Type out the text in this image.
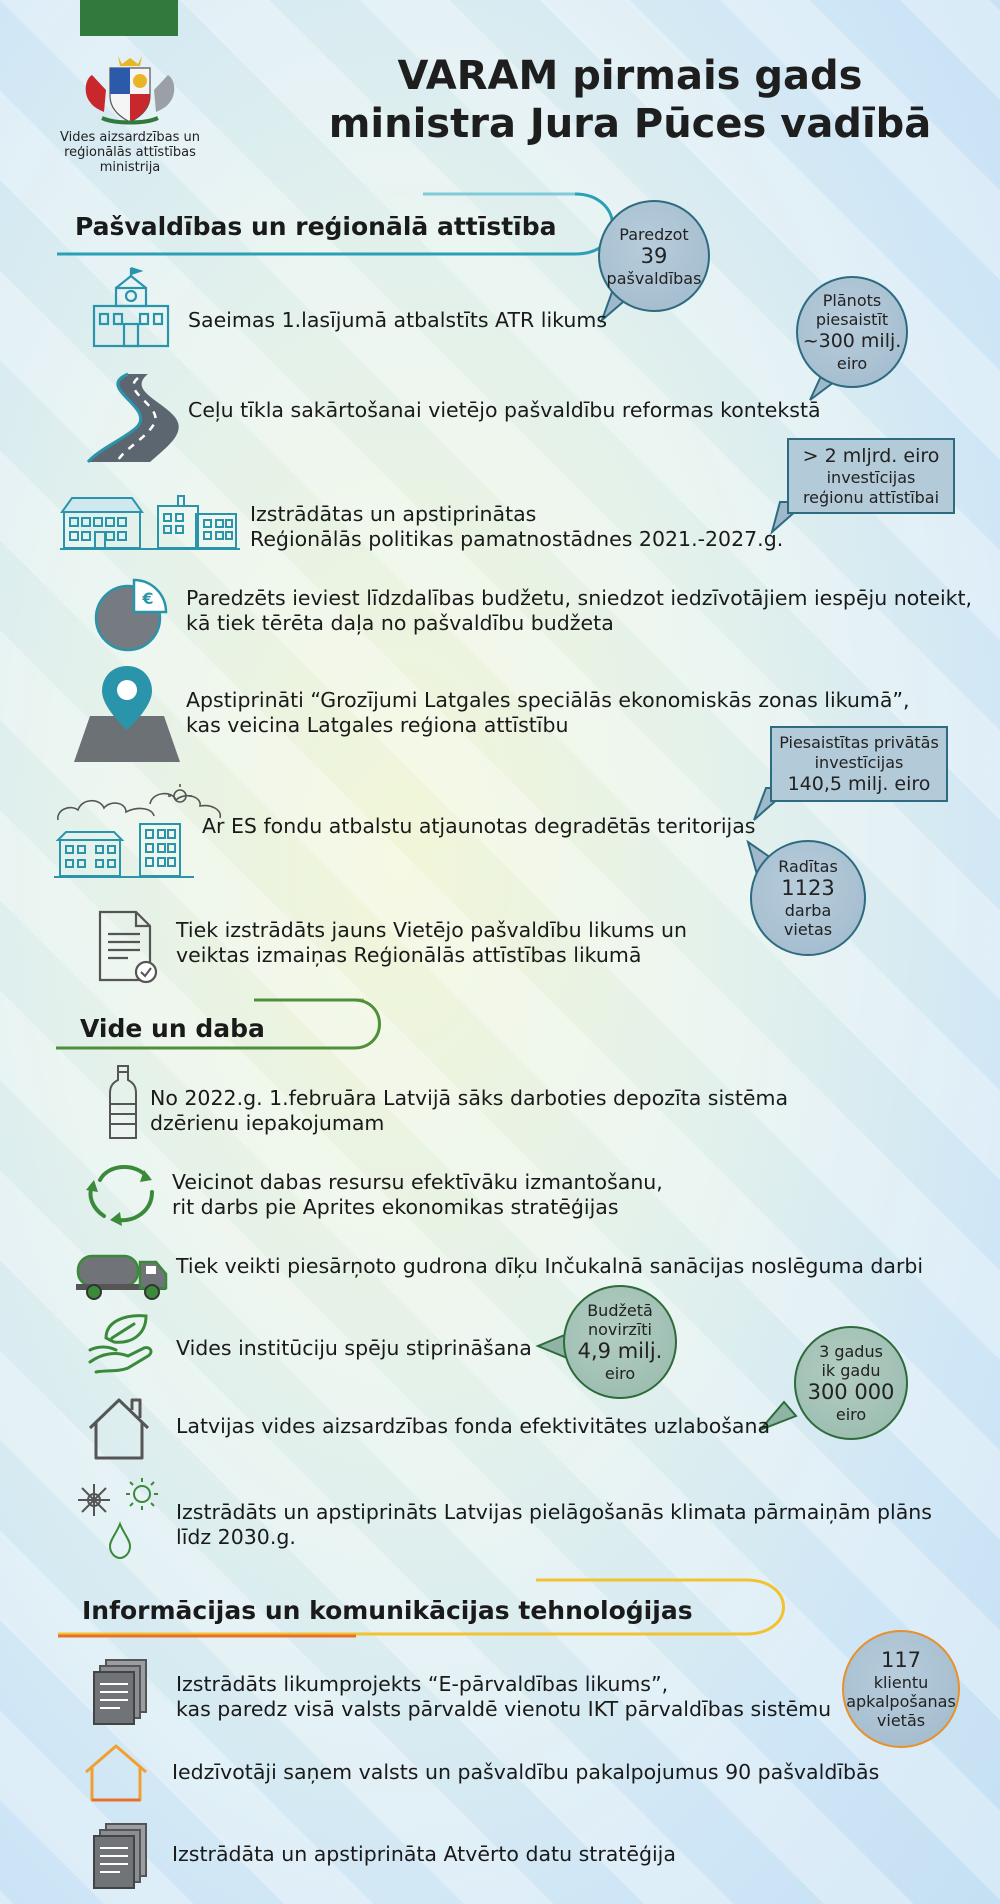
Vides aizsardzības un
reģionālās attīstības
ministrija
VARAM pirmais gads
ministra Jura Pūces vadībā
Pašvaldības un reģionālā attīstība	Paredzot
39
pašvaldības
Saeimas 1.lasījumā atbalstīts ATR likums
Plānots
piesaistīt
~300 milj.
eiro
Ceļu tīkla sakārtošanai vietējo pašvaldību reformas kontekstā
> 2 mljrd. eiro
investīcijas
reģionu attīstībai
Izstrādātas un apstiprinātas
Reģionālās politikas pamatnostādnes 2021.-2027.g.
€ Paredzēts ieviest līdzdalības budžetu, sniedzot iedzīvotājiem iespēju noteikt,
kā tiek tērēta daļa no pašvaldību budžeta
Apstiprināti “Grozījumi Latgales speciālās ekonomiskās zonas likumā”,
kas veicina Latgales reģiona attīstību
Piesaistītas privātās
investīcijas
140,5 milj. eiro
Ar ES fondu atbalstu atjaunotas degradētās teritorijas
Radītas
1123
darba
vietas
Tiek izstrādāts jauns Vietējo pašvaldību likums un
veiktas izmaiņas Reģionālās attīstības likumā
Vide un daba
No 2022.g. 1.februāra Latvijā sāks darboties depozīta sistēma
dzērienu iepakojumam
Veicinot dabas resursu efektīvāku izmantošanu,
rit darbs pie Aprites ekonomikas stratēģijas
Tiek veikti piesārņoto gudrona dīķu Inčukalnā sanācijas noslēguma darbi
Budžetā
novirzīti
4,9 milj.
eiro
Vides institūciju spēju stiprināšana	3 gadus
ik gadu
300 000
eiro
Latvijas vides aizsardzības fonda efektivitātes uzlabošana
Izstrādāts un apstiprināts Latvijas pielāgošanās klimata pārmaiņām plāns
līdz 2030.g.
Informācijas un komunikācijas tehnoloģijas
117
klientu
apkalpošanas
vietās
Izstrādāts likumprojekts “E-pārvaldības likums”,
kas paredz visā valsts pārvaldē vienotu IKT pārvaldības sistēmu
Iedzīvotāji saņem valsts un pašvaldību pakalpojumus 90 pašvaldībās
Izstrādāta un apstiprināta Atvērto datu stratēģija
